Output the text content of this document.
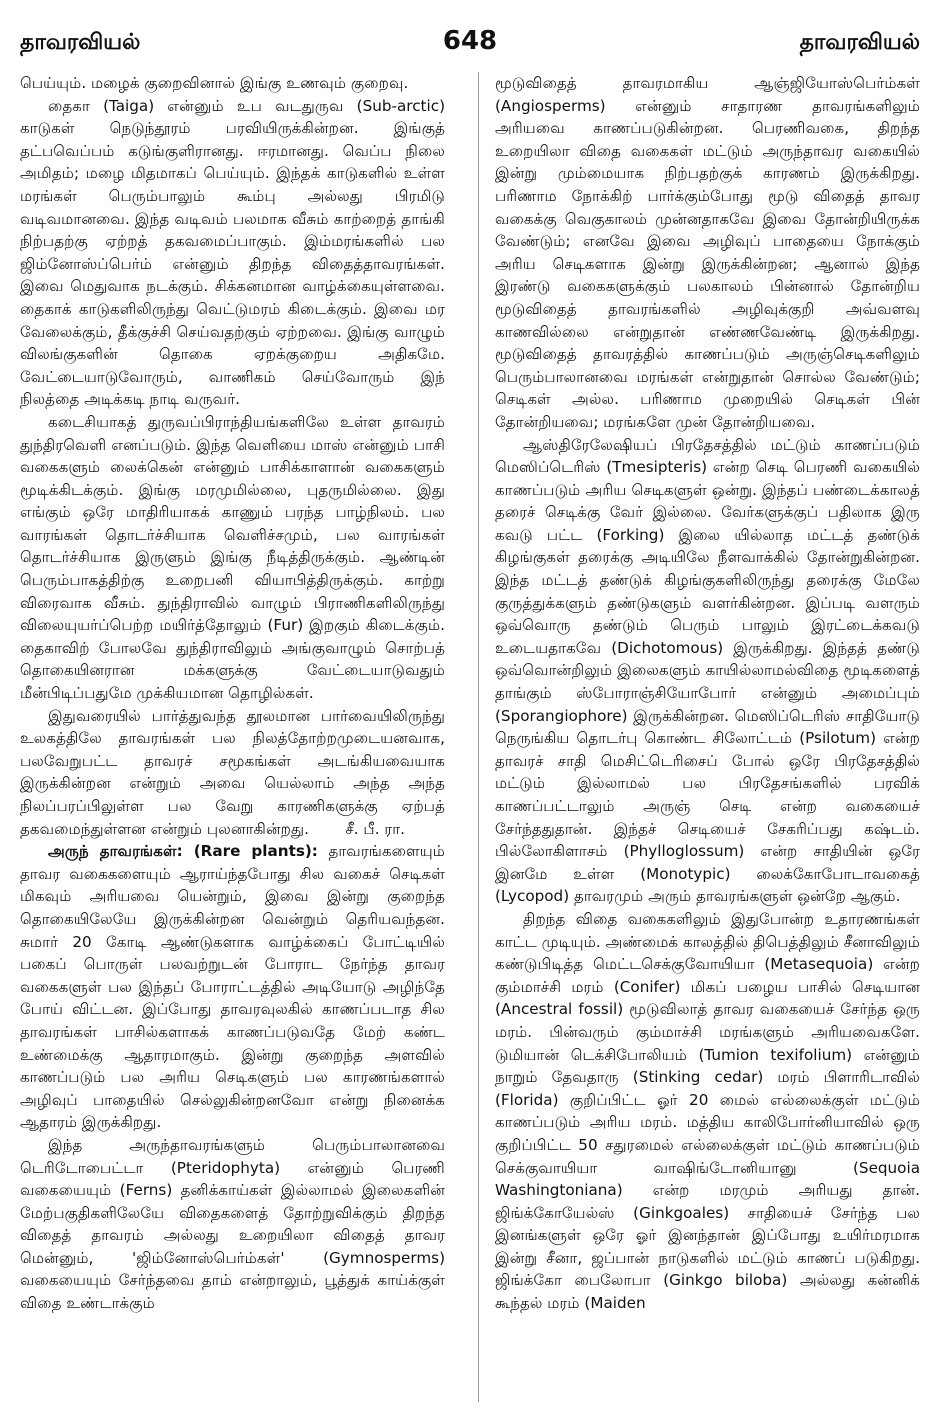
தாவரவியல்	648	தாவரவியல்

பெய்யும். மழைக் குறைவினால் இங்கு உணவும் குறைவு.

தைகா (Taiga) என்னும் உப வடதுருவ (Sub-arctic) காடுகள் நெடுந்தூரம் பரவியிருக்கின்றன. இங்குத் தட்பவெப்பம் கடுங்குளிரானது. ஈரமானது. வெப்ப நிலை அமிதம்; மழை மிதமாகப் பெய்யும். இந்தக் காடுகளில் உள்ள மரங்கள் பெரும்பாலும் கூம்பு அல்லது பிரமிடு வடிவமானவை. இந்த வடிவம் பலமாக வீசும் காற்றைத் தாங்கி நிற்பதற்கு ஏற்றத் தகவமைப்பாகும். இம்மரங்களில் பல ஜிம்னோஸ்ப்பெர்ம் என்னும் திறந்த விதைத்தாவரங்கள். இவை மெதுவாக நடக்கும். சிக்கனமான வாழ்க்கையுள்ளவை. தைகாக் காடுகளிலிருந்து வெட்டுமரம் கிடைக்கும். இவை மர வேலைக்கும், தீக்குச்சி செய்வதற்கும் ஏற்றவை. இங்கு வாழும் விலங்குகளின் தொகை ஏறக்குறைய அதிகமே. வேட்டையாடுவோரும், வாணிகம் செய்வோரும் இந் நிலத்தை அடிக்கடி நாடி வருவர்.

கடைசியாகத் துருவப்பிராந்தியங்களிலே உள்ள தாவரம் துந்திரவெளி எனப்படும். இந்த வெளியை மாஸ் என்னும் பாசி வகைகளும் லைக்கென் என்னும் பாசிக்காளான் வகைகளும் மூடிக்கிடக்கும். இங்கு மரமுமில்லை, புதருமில்லை. இது எங்கும் ஒரே மாதிரியாகக் காணும் பரந்த பாழ்நிலம். பல வாரங்கள் தொடர்ச்சியாக வெளிச்சமும், பல வாரங்கள் தொடர்ச்சியாக இருளும் இங்கு நீடித்திருக்கும். ஆண்டின் பெரும்பாகத்திற்கு உறைபனி வியாபித்திருக்கும். காற்று விரைவாக வீசும். துந்திராவில் வாழும் பிராணிகளிலிருந்து விலையுயர்ப்பெற்ற மயிர்த்தோலும் (Fur) இறகும் கிடைக்கும். தைகாவிற் போலவே துந்திராவிலும் அங்குவாழும் சொற்பத் தொகையினரான மக்களுக்கு வேட்டையாடுவதும் மீன்பிடிப்பதுமே முக்கியமான தொழில்கள்.

இதுவரையில் பார்த்துவந்த தூலமான பார்வையிலிருந்து உலகத்திலே தாவரங்கள் பல நிலத்தோற்றமுடையனவாக, பலவேறுபட்ட தாவரச் சமூகங்கள் அடங்கியவையாக இருக்கின்றன என்றும் அவை யெல்லாம் அந்த அந்த நிலப்பரப்பிலுள்ள பல வேறு காரணிகளுக்கு ஏற்பத் தகவமைந்துள்ளன என்றும் புலனாகின்றது.	சீ. பீ. ரா.

அருந் தாவரங்கள்: (Rare plants): தாவரங்களையும் தாவர வகைகளையும் ஆராய்ந்தபோது சில வகைச் செடிகள் மிகவும் அரியவை யென்றும், இவை இன்று குறைந்த தொகையிலேயே இருக்கின்றன வென்றும் தெரியவந்தன. சுமார் 20 கோடி ஆண்டுகளாக வாழ்க்கைப் போட்டியில் பகைப் பொருள் பலவற்றுடன் போராட நேர்ந்த தாவர வகைகளுள் பல இந்தப் போராட்டத்தில் அடியோடு அழிந்தே போய் விட்டன. இப்போது தாவரவுலகில் காணப்படாத சில தாவரங்கள் பாசில்களாகக் காணப்படுவதே மேற் கண்ட உண்மைக்கு ஆதாரமாகும். இன்று குறைந்த அளவில் காணப்படும் பல அரிய செடிகளும் பல காரணங்களால் அழிவுப் பாதையில் செல்லுகின்றனவோ என்று நினைக்க ஆதாரம் இருக்கிறது.

இந்த அருந்தாவரங்களும் பெரும்பாலானவை டெரிடோபைட்டா (Pteridophyta) என்னும் பெரணி வகையையும் (Ferns) தனிக்காய்கள் இல்லாமல் இலைகளின் மேற்பகுதிகளிலேயே விதைகளைத் தோற்றுவிக்கும் திறந்த விதைத் தாவரம் அல்லது உறையிலா விதைத் தாவர மென்னும், 'ஜிம்னோஸ்பெர்ம்கள்' (Gymnosperms) வகையையும் சேர்ந்தவை தாம் என்றாலும், பூத்துக் காய்க்குள் விதை உண்டாக்கும்

மூடுவிதைத் தாவரமாகிய ஆஞ்ஜியோஸ்பெர்ம்கள் (Angiosperms) என்னும் சாதாரண தாவரங்களிலும் அரியவை காணப்படுகின்றன. பெரணிவகை, திறந்த உறையிலா விதை வகைகள் மட்டும் அருந்தாவர வகையில் இன்று மும்மையாக நிற்பதற்குக் காரணம் இருக்கிறது. பரிணாம நோக்கிற் பார்க்கும்போது மூடு விதைத் தாவர வகைக்கு வெகுகாலம் முன்னதாகவே இவை தோன்றியிருக்க வேண்டும்; எனவே இவை அழிவுப் பாதையை நோக்கும் அரிய செடிகளாக இன்று இருக்கின்றன; ஆனால் இந்த இரண்டு வகைகளுக்கும் பலகாலம் பின்னால் தோன்றிய மூடுவிதைத் தாவரங்களில் அழிவுக்குறி அவ்வளவு காணவில்லை என்றுதான் எண்ணவேண்டி இருக்கிறது. மூடுவிதைத் தாவரத்தில் காணப்படும் அருஞ்செடிகளிலும் பெரும்பாலானவை மரங்கள் என்றுதான் சொல்ல வேண்டும்; செடிகள் அல்ல. பரிணாம முறையில் செடிகள் பின் தோன்றியவை; மரங்களே முன் தோன்றியவை.

ஆஸ்திரேலேஷியப் பிரதேசத்தில் மட்டும் காணப்படும் மெஸிப்டெரிஸ் (Tmesipteris) என்ற செடி பெரணி வகையில் காணப்படும் அரிய செடிகளுள் ஒன்று. இந்தப் பண்டைக்காலத் தரைச் செடிக்கு வேர் இல்லை. வேர்களுக்குப் பதிலாக இரு கவடு பட்ட (Forking) இலை யில்லாத மட்டத் தண்டுக் கிழங்குகள் தரைக்கு அடியிலே நீளவாக்கில் தோன்றுகின்றன. இந்த மட்டத் தண்டுக் கிழங்குகளிலிருந்து தரைக்கு மேலே குருத்துக்களும் தண்டுகளும் வளர்கின்றன. இப்படி வளரும் ஒவ்வொரு தண்டும் பெரும் பாலும் இரட்டைக்கவடு உடையதாகவே (Dichotomous) இருக்கிறது. இந்தத் தண்டு ஒவ்வொன்றிலும் இலைகளும் காயில்லாமல்விதை மூடிகளைத் தாங்கும் ஸ்போராஞ்சியோபோர் என்னும் அமைப்பும் (Sporangiophore) இருக்கின்றன. மெஸிப்டெரிஸ் சாதியோடு நெருங்கிய தொடர்பு கொண்ட சிலோட்டம் (Psilotum) என்ற தாவரச் சாதி மெசிட்டெரிசைப் போல் ஒரே பிரதேசத்தில் மட்டும் இல்லாமல் பல பிரதேசங்களில் பரவிக் காணப்பட்டாலும் அருஞ் செடி என்ற வகையைச் சேர்ந்ததுதான். இந்தச் செடியைச் சேகரிப்பது கஷ்டம். பில்லோகிளாசம் (Phylloglossum) என்ற சாதியின் ஒரே இனமே உள்ள (Monotypic) லைக்கோபோடாவகைத் (Lycopod) தாவரமும் அரும் தாவரங்களுள் ஒன்றே ஆகும்.

திறந்த விதை வகைகளிலும் இதுபோன்ற உதாரணங்கள் காட்ட முடியும். அண்மைக் காலத்தில் திபெத்திலும் சீனாவிலும் கண்டுபிடித்த மெட்டசெக்குவோயியா (Metasequoia) என்ற கும்மாச்சி மரம் (Conifer) மிகப் பழைய பாசில் செடியான (Ancestral fossil) மூடுவிலாத் தாவர வகையைச் சேர்ந்த ஒரு மரம். பின்வரும் கும்மாச்சி மரங்களும் அரியவைகளே. டுமியான் டெக்சிபோலியம் (Tumion texifolium) என்னும் நாறும் தேவதாரு (Stinking cedar) மரம் பிளாரிடாவில் (Florida) குறிப்பிட்ட ஓர் 20 மைல் எல்லைக்குள் மட்டும் காணப்படும் அரிய மரம். மத்திய காலிபோர்னியாவில் ஒரு குறிப்பிட்ட 50 சதுரமைல் எல்லைக்குள் மட்டும் காணப்படும் செக்குவாயியா வாஷிங்டோனியானு (Sequoia Washingtoniana) என்ற மரமும் அரியது தான். ஜிங்க்கோயேல்ஸ் (Ginkgoales) சாதியைச் சேர்ந்த பல இனங்களுள் ஒரே ஓர் இனந்தான் இப்போது உயிர்மரமாக இன்று சீனா, ஜப்பான் நாடுகளில் மட்டும் காணப் படுகிறது. ஜிங்க்கோ பைலோபா (Ginkgo biloba) அல்லது கன்னிக் கூந்தல் மரம் (Maiden
